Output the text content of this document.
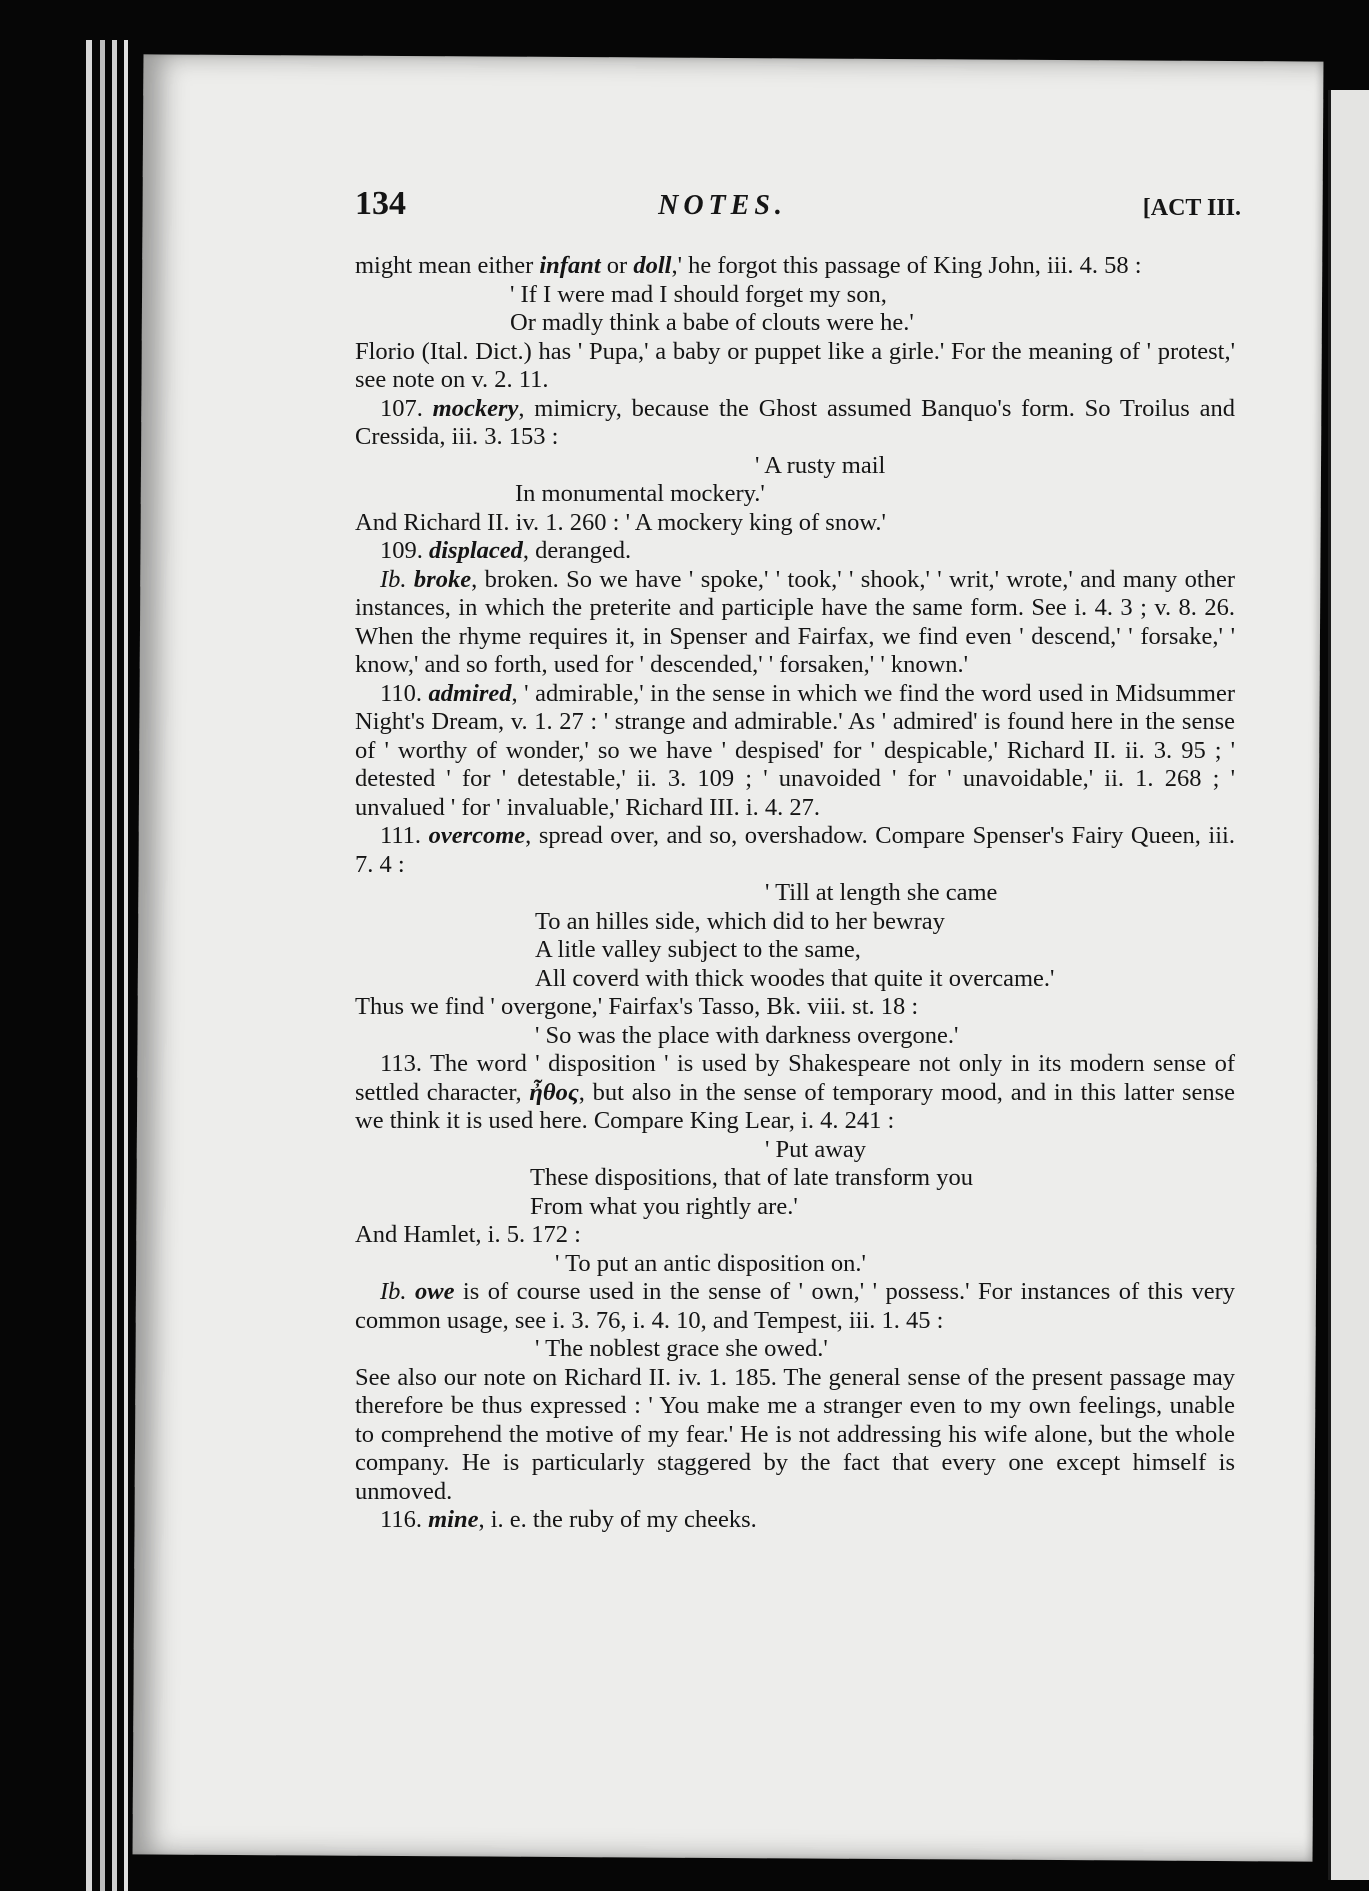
134	NOTES.	[ACT III.

might mean either infant or doll,' he forgot this passage of King John, iii. 4. 58 :

' If I were mad I should forget my son,
Or madly think a babe of clouts were he.'

Florio (Ital. Dict.) has ' Pupa,' a baby or puppet like a girle.' For the meaning of ' protest,' see note on v. 2. 11.

107. mockery, mimicry, because the Ghost assumed Banquo's form. So Troilus and Cressida, iii. 3. 153 :

' A rusty mail
In monumental mockery.'

And Richard II. iv. 1. 260 : ' A mockery king of snow.'

109. displaced, deranged.

Ib. broke, broken. So we have ' spoke,' ' took,' ' shook,' ' writ,' wrote,' and many other instances, in which the preterite and participle have the same form. See i. 4. 3 ; v. 8. 26. When the rhyme requires it, in Spenser and Fairfax, we find even ' descend,' ' forsake,' ' know,' and so forth, used for ' descended,' ' forsaken,' ' known.'

110. admired, ' admirable,' in the sense in which we find the word used in Midsummer Night's Dream, v. 1. 27 : ' strange and admirable.' As ' admired' is found here in the sense of ' worthy of wonder,' so we have ' despised' for ' despicable,' Richard II. ii. 3. 95 ; ' detested ' for ' detestable,' ii. 3. 109 ; ' unavoided ' for ' unavoidable,' ii. 1. 268 ; ' unvalued ' for ' invaluable,' Richard III. i. 4. 27.

111. overcome, spread over, and so, overshadow. Compare Spenser's Fairy Queen, iii. 7. 4 :

' Till at length she came
To an hilles side, which did to her bewray
A litle valley subject to the same,
All coverd with thick woodes that quite it overcame.'

Thus we find ' overgone,' Fairfax's Tasso, Bk. viii. st. 18 :

' So was the place with darkness overgone.'

113. The word ' disposition ' is used by Shakespeare not only in its modern sense of settled character, ἦθος, but also in the sense of temporary mood, and in this latter sense we think it is used here. Compare King Lear, i. 4. 241 :

' Put away
These dispositions, that of late transform you
From what you rightly are.'

And Hamlet, i. 5. 172 :

' To put an antic disposition on.'

Ib. owe is of course used in the sense of ' own,' ' possess.' For instances of this very common usage, see i. 3. 76, i. 4. 10, and Tempest, iii. 1. 45 :

' The noblest grace she owed.'

See also our note on Richard II. iv. 1. 185. The general sense of the present passage may therefore be thus expressed : ' You make me a stranger even to my own feelings, unable to comprehend the motive of my fear.' He is not addressing his wife alone, but the whole company. He is particularly staggered by the fact that every one except himself is unmoved.

116. mine, i. e. the ruby of my cheeks.
